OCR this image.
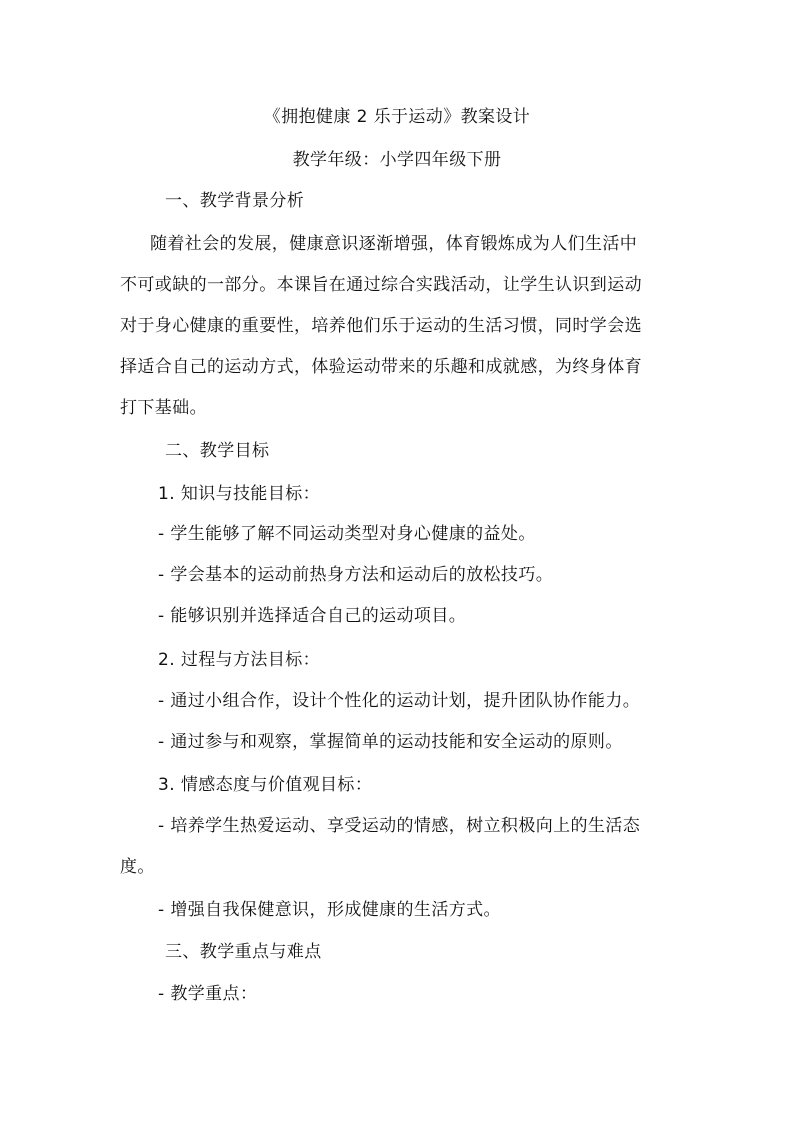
《拥抱健康 2 乐于运动》教案设计

教学年级：小学四年级下册

一、教学背景分析

随着社会的发展，健康意识逐渐增强，体育锻炼成为人们生活中

不可或缺的一部分。本课旨在通过综合实践活动，让学生认识到运动

对于身心健康的重要性，培养他们乐于运动的生活习惯，同时学会选

择适合自己的运动方式，体验运动带来的乐趣和成就感，为终身体育

打下基础。

二、教学目标

1. 知识与技能目标：

- 学生能够了解不同运动类型对身心健康的益处。

- 学会基本的运动前热身方法和运动后的放松技巧。

- 能够识别并选择适合自己的运动项目。

2. 过程与方法目标：

- 通过小组合作，设计个性化的运动计划，提升团队协作能力。

- 通过参与和观察，掌握简单的运动技能和安全运动的原则。

3. 情感态度与价值观目标：

- 培养学生热爱运动、享受运动的情感，树立积极向上的生活态

度。

- 增强自我保健意识，形成健康的生活方式。

三、教学重点与难点

- 教学重点：
